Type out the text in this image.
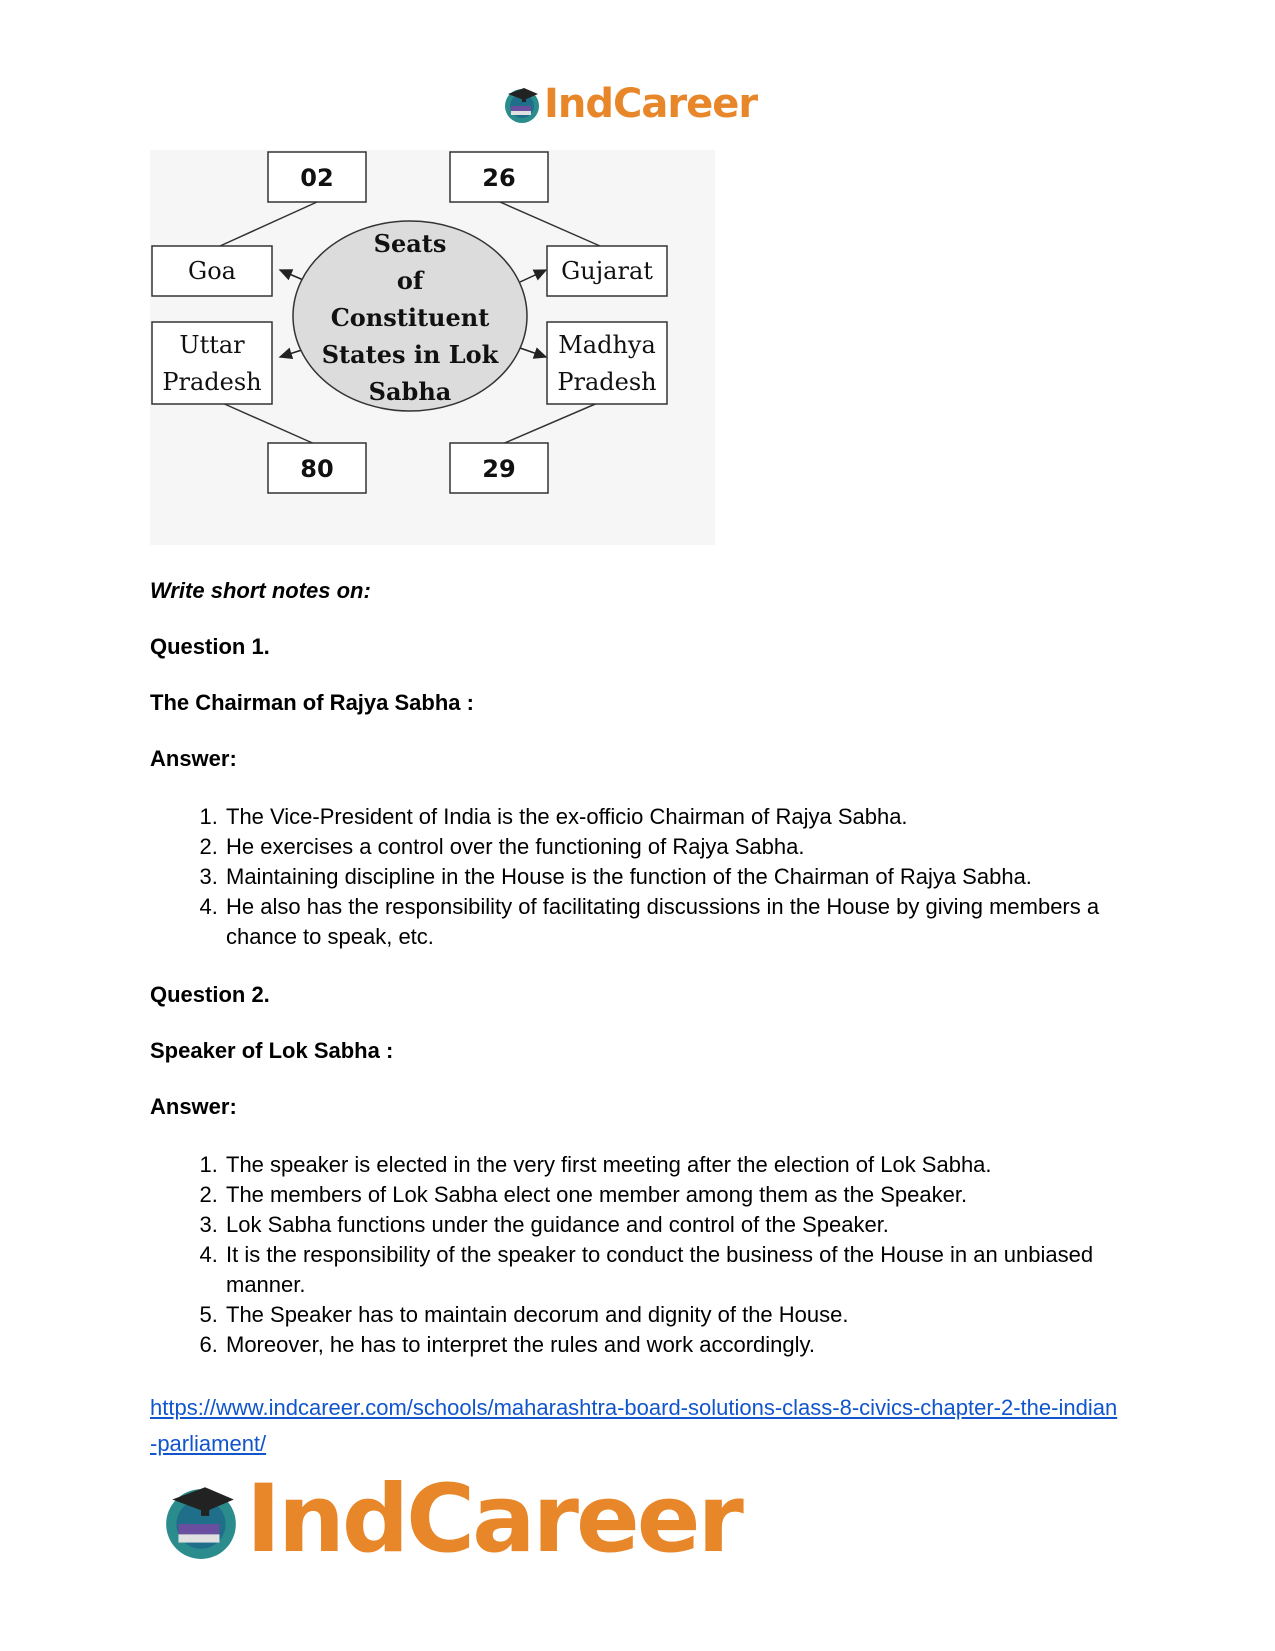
IndCareer
Seats
of
Constituent
States in Lok
Sabha
02	26
80	29
Goa	Gujarat
Uttar
Pradesh
Madhya
Pradesh

Write short notes on:

Question 1.

The Chairman of Rajya Sabha :

Answer:

1. The Vice-President of India is the ex-officio Chairman of Rajya Sabha.
2. He exercises a control over the functioning of Rajya Sabha.
3. Maintaining discipline in the House is the function of the Chairman of Rajya Sabha.
4. He also has the responsibility of facilitating discussions in the House by giving members a chance to speak, etc.

Question 2.

Speaker of Lok Sabha :

Answer:

1. The speaker is elected in the very first meeting after the election of Lok Sabha.
2. The members of Lok Sabha elect one member among them as the Speaker.
3. Lok Sabha functions under the guidance and control of the Speaker.
4. It is the responsibility of the speaker to conduct the business of the House in an unbiased manner.
5. The Speaker has to maintain decorum and dignity of the House.
6. Moreover, he has to interpret the rules and work accordingly.
https://www.indcareer.com/schools/maharashtra-board-solutions-class-8-civics-chapter-2-the-indian-parliament/
IndCareer
